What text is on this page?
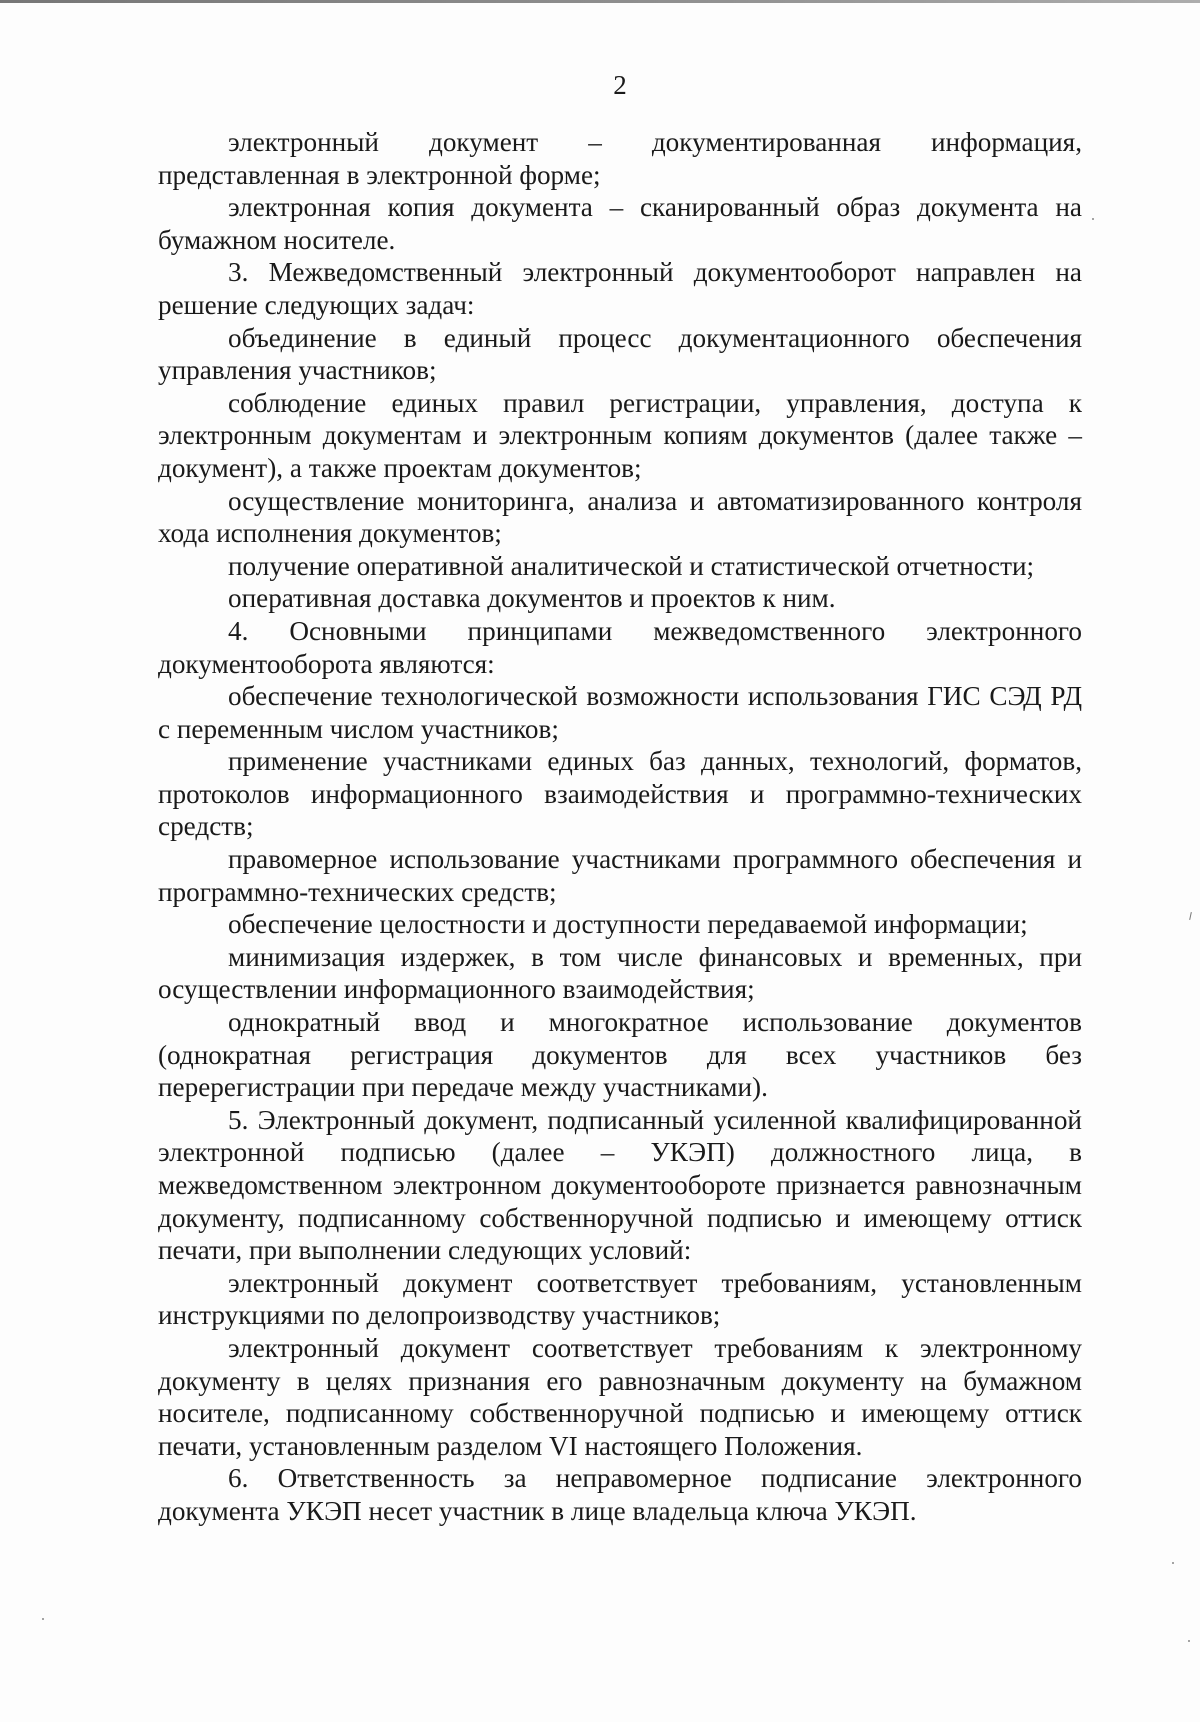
2

электронный документ – документированная информация, представленная в электронной форме;

электронная копия документа – сканированный образ документа на бумажном носителе.

3. Межведомственный электронный документооборот направлен на решение следующих задач:

объединение в единый процесс документационного обеспечения управления участников;

соблюдение единых правил регистрации, управления, доступа к электронным документам и электронным копиям документов (далее также – документ), а также проектам документов;

осуществление мониторинга, анализа и автоматизированного контроля хода исполнения документов;

получение оперативной аналитической и статистической отчетности;

оперативная доставка документов и проектов к ним.

4. Основными принципами межведомственного электронного документооборота являются:

обеспечение технологической возможности использования ГИС СЭД РД с переменным числом участников;

применение участниками единых баз данных, технологий, форматов, протоколов информационного взаимодействия и программно-технических средств;

правомерное использование участниками программного обеспечения и программно-технических средств;

обеспечение целостности и доступности передаваемой информации;

минимизация издержек, в том числе финансовых и временных, при осуществлении информационного взаимодействия;

однократный ввод и многократное использование документов (однократная регистрация документов для всех участников без перерегистрации при передаче между участниками).

5. Электронный документ, подписанный усиленной квалифицированной электронной подписью (далее – УКЭП) должностного лица, в межведомственном электронном документообороте признается равнозначным документу, подписанному собственноручной подписью и имеющему оттиск печати, при выполнении следующих условий:

электронный документ соответствует требованиям, установленным инструкциями по делопроизводству участников;

электронный документ соответствует требованиям к электронному документу в целях признания его равнозначным документу на бумажном носителе, подписанному собственноручной подписью и имеющему оттиск печати, установленным разделом VI настоящего Положения.

6. Ответственность за неправомерное подписание электронного документа УКЭП несет участник в лице владельца ключа УКЭП.
